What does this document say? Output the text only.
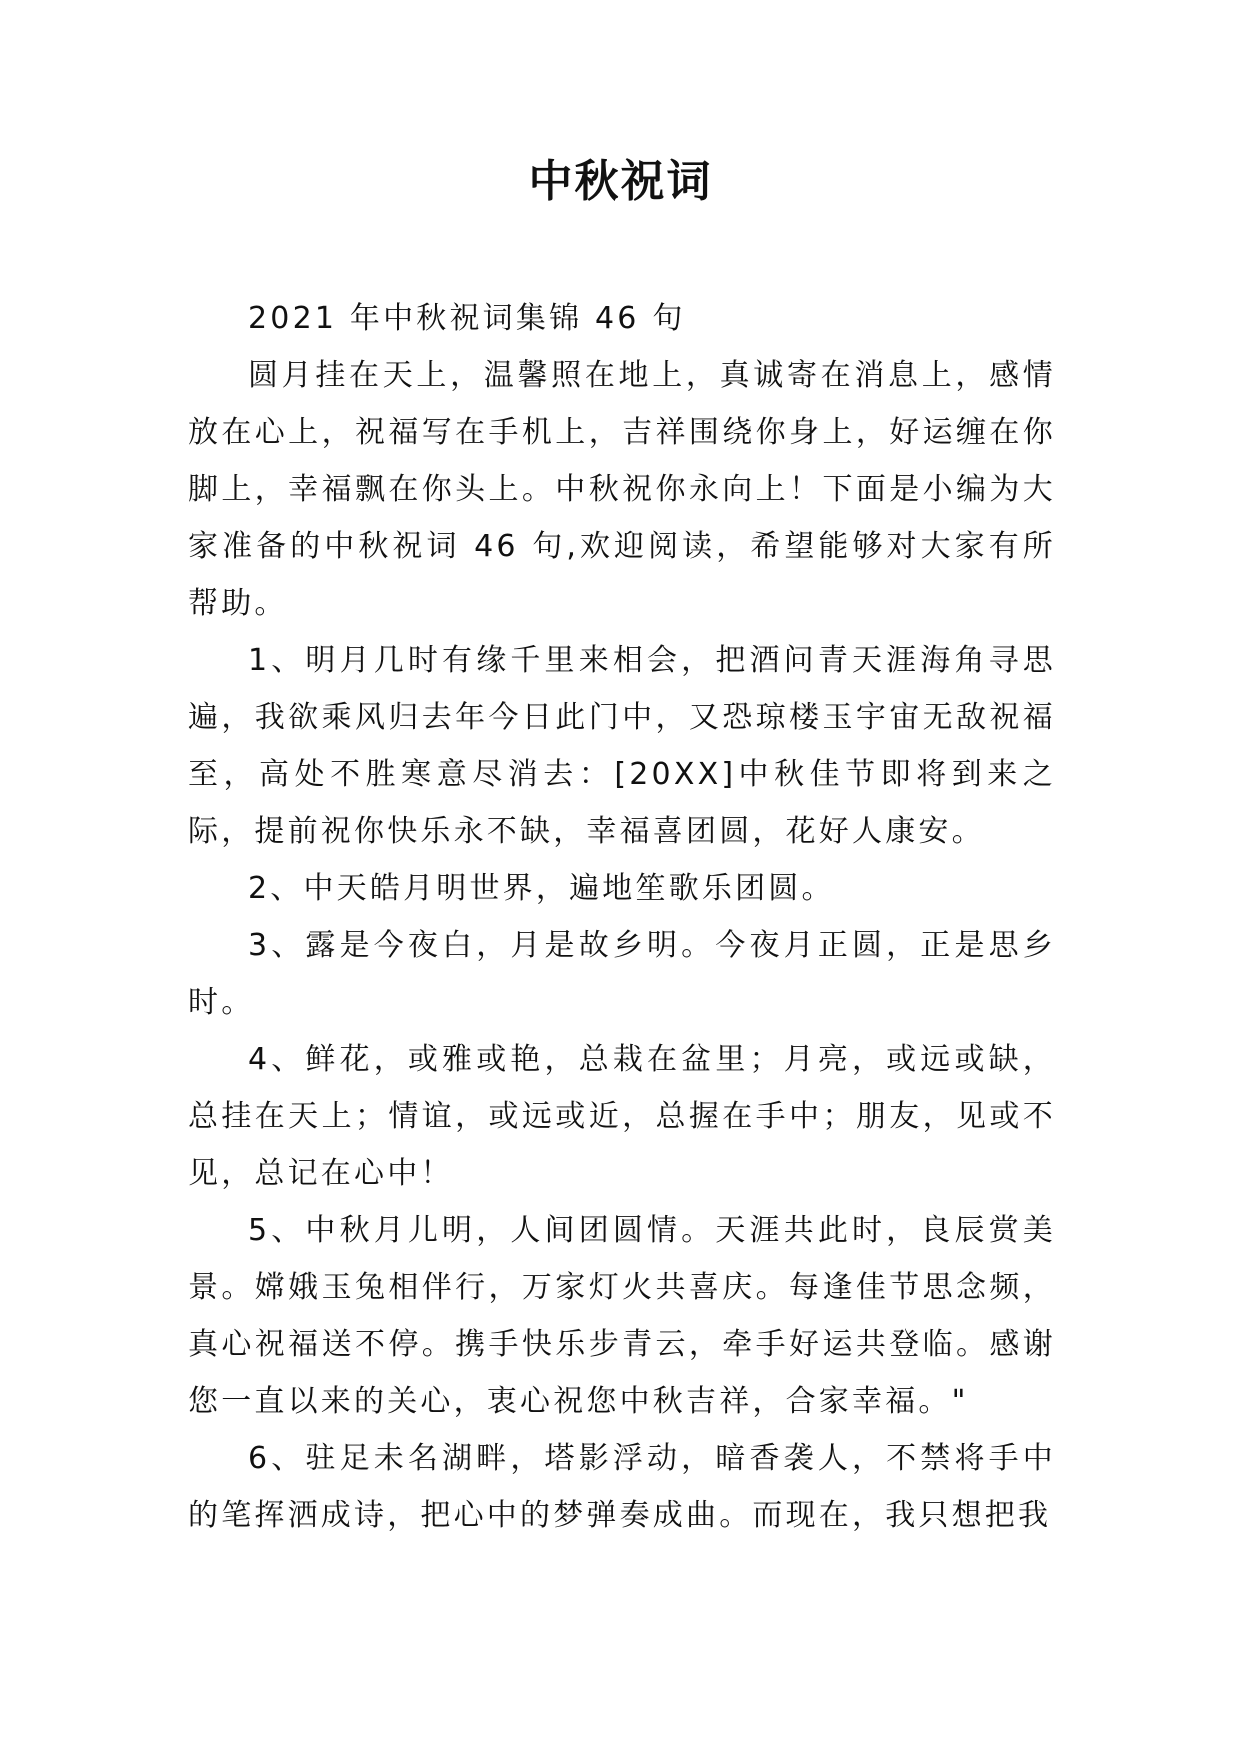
中秋祝词

2021 年中秋祝词集锦 46 句

圆月挂在天上，温馨照在地上，真诚寄在消息上，感情放在心上，祝福写在手机上，吉祥围绕你身上，好运缠在你脚上，幸福飘在你头上。中秋祝你永向上！下面是小编为大家准备的中秋祝词 46 句,欢迎阅读，希望能够对大家有所帮助。

1、明月几时有缘千里来相会，把酒问青天涯海角寻思遍，我欲乘风归去年今日此门中，又恐琼楼玉宇宙无敌祝福至，高处不胜寒意尽消去：[20XX]中秋佳节即将到来之际，提前祝你快乐永不缺，幸福喜团圆，花好人康安。

2、中天皓月明世界，遍地笙歌乐团圆。

3、露是今夜白，月是故乡明。今夜月正圆，正是思乡时。

4、鲜花，或雅或艳，总栽在盆里；月亮，或远或缺，总挂在天上；情谊，或远或近，总握在手中；朋友，见或不见，总记在心中！

5、中秋月儿明，人间团圆情。天涯共此时，良辰赏美景。嫦娥玉兔相伴行，万家灯火共喜庆。每逢佳节思念频，真心祝福送不停。携手快乐步青云，牵手好运共登临。感谢您一直以来的关心，衷心祝您中秋吉祥，合家幸福。"

6、驻足未名湖畔，塔影浮动，暗香袭人，不禁将手中的笔挥洒成诗，把心中的梦弹奏成曲。而现在，我只想把我
